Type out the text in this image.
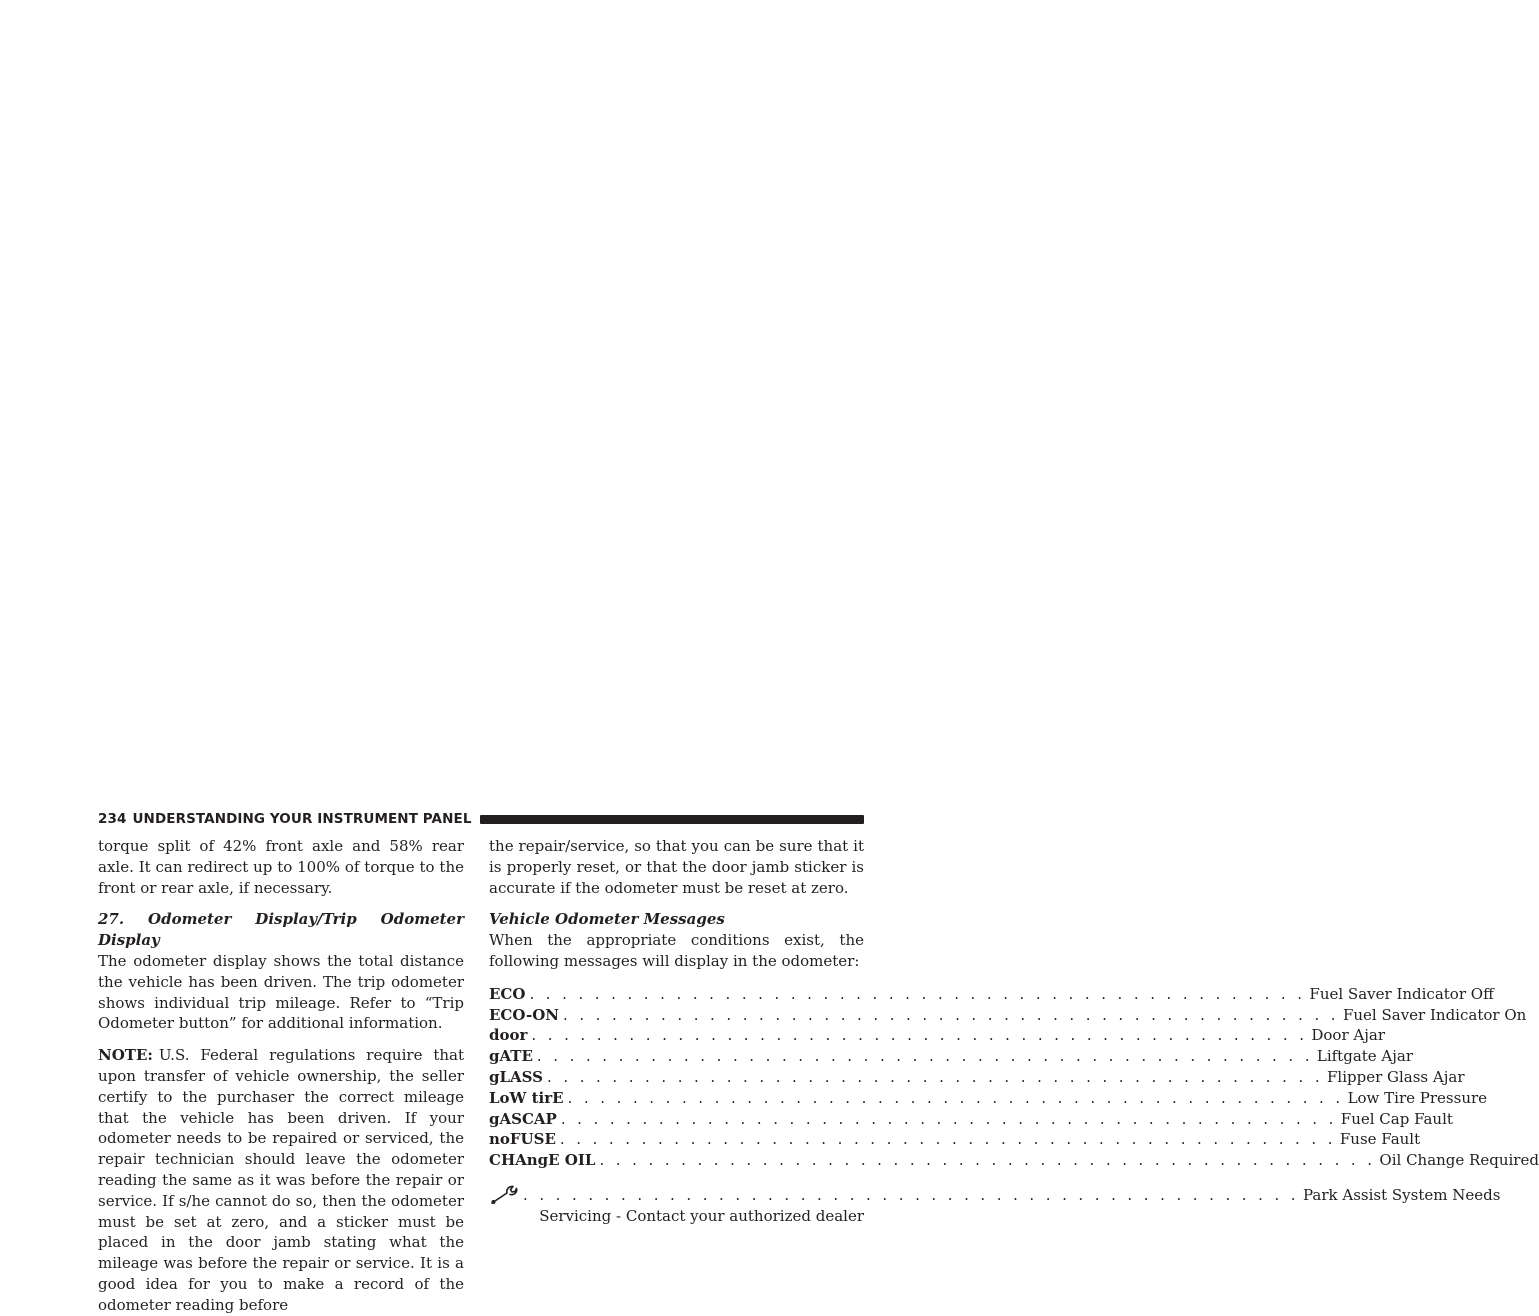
234 UNDERSTANDING YOUR INSTRUMENT PANEL

torque split of 42% front axle and 58% rear axle. It can redirect up to 100% of torque to the front or rear axle, if necessary.

27. Odometer Display/Trip Odometer Display

The odometer display shows the total distance the vehicle has been driven. The trip odometer shows individual trip mileage. Refer to “Trip Odometer button” for additional information.

NOTE: U.S. Federal regulations require that upon transfer of vehicle ownership, the seller certify to the purchaser the correct mileage that the vehicle has been driven. If your odometer needs to be repaired or serviced, the repair technician should leave the odometer reading the same as it was before the repair or service. If s/he cannot do so, then the odometer must be set at zero, and a sticker must be placed in the door jamb stating what the mileage was before the repair or service. It is a good idea for you to make a record of the odometer reading before

the repair/service, so that you can be sure that it is properly reset, or that the door jamb sticker is accurate if the odometer must be reset at zero.

Vehicle Odometer Messages

When the appropriate conditions exist, the following messages will display in the odometer:

ECO . . . . . . . . . . . . . . . . . . . . . . . . . . . . . . . . . . . . . . . . . . . . . . . . Fuel Saver Indicator Off
ECO-ON . . . . . . . . . . . . . . . . . . . . . . . . . . . . . . . . . . . . . . . . . . . . . . . . Fuel Saver Indicator On
door . . . . . . . . . . . . . . . . . . . . . . . . . . . . . . . . . . . . . . . . . . . . . . . . Door Ajar
gATE . . . . . . . . . . . . . . . . . . . . . . . . . . . . . . . . . . . . . . . . . . . . . . . . Liftgate Ajar
gLASS . . . . . . . . . . . . . . . . . . . . . . . . . . . . . . . . . . . . . . . . . . . . . . . . Flipper Glass Ajar
LoW tirE . . . . . . . . . . . . . . . . . . . . . . . . . . . . . . . . . . . . . . . . . . . . . . . . Low Tire Pressure
gASCAP . . . . . . . . . . . . . . . . . . . . . . . . . . . . . . . . . . . . . . . . . . . . . . . . Fuel Cap Fault
noFUSE . . . . . . . . . . . . . . . . . . . . . . . . . . . . . . . . . . . . . . . . . . . . . . . . Fuse Fault
CHAngE OIL . . . . . . . . . . . . . . . . . . . . . . . . . . . . . . . . . . . . . . . . . . . . . . . . Oil Change Required
. . . . . . . . . . . . . . . . . . . . . . . . . . . . . . . . . . . . . . . . . . . . . . . . Park Assist System Needs
Servicing - Contact your authorized dealer
